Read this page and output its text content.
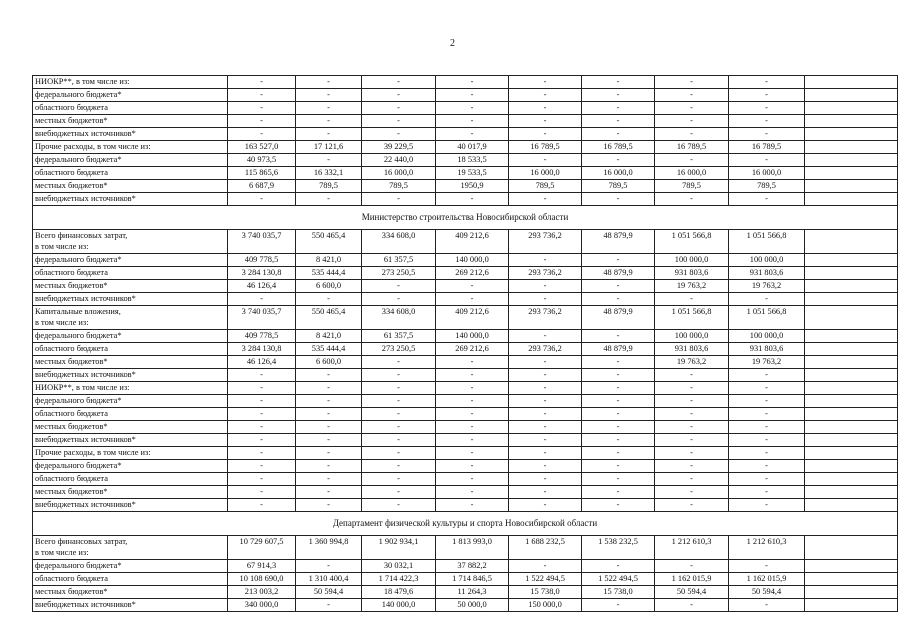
2
НИОКР**, в том числе из:	-	-	-	-	-	-	-	-	
федерального бюджета*	-	-	-	-	-	-	-	-	
областного бюджета	-	-	-	-	-	-	-	-	
местных бюджетов*	-	-	-	-	-	-	-	-	
внебюджетных источников*	-	-	-	-	-	-	-	-	
Прочие расходы, в том числе из:	163 527,0	17 121,6	39 229,5	40 017,9	16 789,5	16 789,5	16 789,5	16 789,5	
федерального бюджета*	40 973,5	-	22 440,0	18 533,5	-	-	-	-	
областного бюджета	115 865,6	16 332,1	16 000,0	19 533,5	16 000,0	16 000,0	16 000,0	16 000,0	
местных бюджетов*	6 687,9	789,5	789,5	1950,9	789,5	789,5	789,5	789,5	
внебюджетных источников*	-	-	-	-	-	-	-	-	
Министерство строительства Новосибирской области									
Всего финансовых затрат,
в том числе из:	3 740 035,7	550 465,4	334 608,0	409 212,6	293 736,2	48 879,9	1 051 566,8	1 051 566,8	
федерального бюджета*	409 778,5	8 421,0	61 357,5	140 000,0	-	-	100 000,0	100 000,0	
областного бюджета	3 284 130,8	535 444,4	273 250,5	269 212,6	293 736,2	48 879,9	931 803,6	931 803,6	
местных бюджетов*	46 126,4	6 600,0	-	-	-	-	19 763,2	19 763,2	
внебюджетных источников*	-	-	-	-	-	-	-	-	
Капитальные вложения,
в том числе из:	3 740 035,7	550 465,4	334 608,0	409 212,6	293 736,2	48 879,9	1 051 566,8	1 051 566,8	
федерального бюджета*	409 778,5	8 421,0	61 357,5	140 000,0	-	-	100 000,0	100 000,0	
областного бюджета	3 284 130,8	535 444,4	273 250,5	269 212,6	293 736,2	48 879,9	931 803,6	931 803,6	
местных бюджетов*	46 126,4	6 600,0	-	-	-	-	19 763,2	19 763,2	
внебюджетных источников*	-	-	-	-	-	-	-	-	
НИОКР**, в том числе из:	-	-	-	-	-	-	-	-	
федерального бюджета*	-	-	-	-	-	-	-	-	
областного бюджета	-	-	-	-	-	-	-	-	
местных бюджетов*	-	-	-	-	-	-	-	-	
внебюджетных источников*	-	-	-	-	-	-	-	-	
Прочие расходы, в том числе из:	-	-	-	-	-	-	-	-	
федерального бюджета*	-	-	-	-	-	-	-	-	
областного бюджета	-	-	-	-	-	-	-	-	
местных бюджетов*	-	-	-	-	-	-	-	-	
внебюджетных источников*	-	-	-	-	-	-	-	-	
Департамент физической культуры и спорта Новосибирской области									
Всего финансовых затрат,
в том числе из:	10 729 607,5	1 360 994,8	1 902 934,1	1 813 993,0	1 688 232,5	1 538 232,5	1 212 610,3	1 212 610,3	
федерального бюджета*	67 914,3	-	30 032,1	37 882,2	-	-	-	-	
областного бюджета	10 108 690,0	1 310 400,4	1 714 422,3	1 714 846,5	1 522 494,5	1 522 494,5	1 162 015,9	1 162 015,9	
местных бюджетов*	213 003,2	50 594,4	18 479,6	11 264,3	15 738,0	15 738,0	50 594,4	50 594,4	
внебюджетных источников*	340 000,0	-	140 000,0	50 000,0	150 000,0	-	-	-	
